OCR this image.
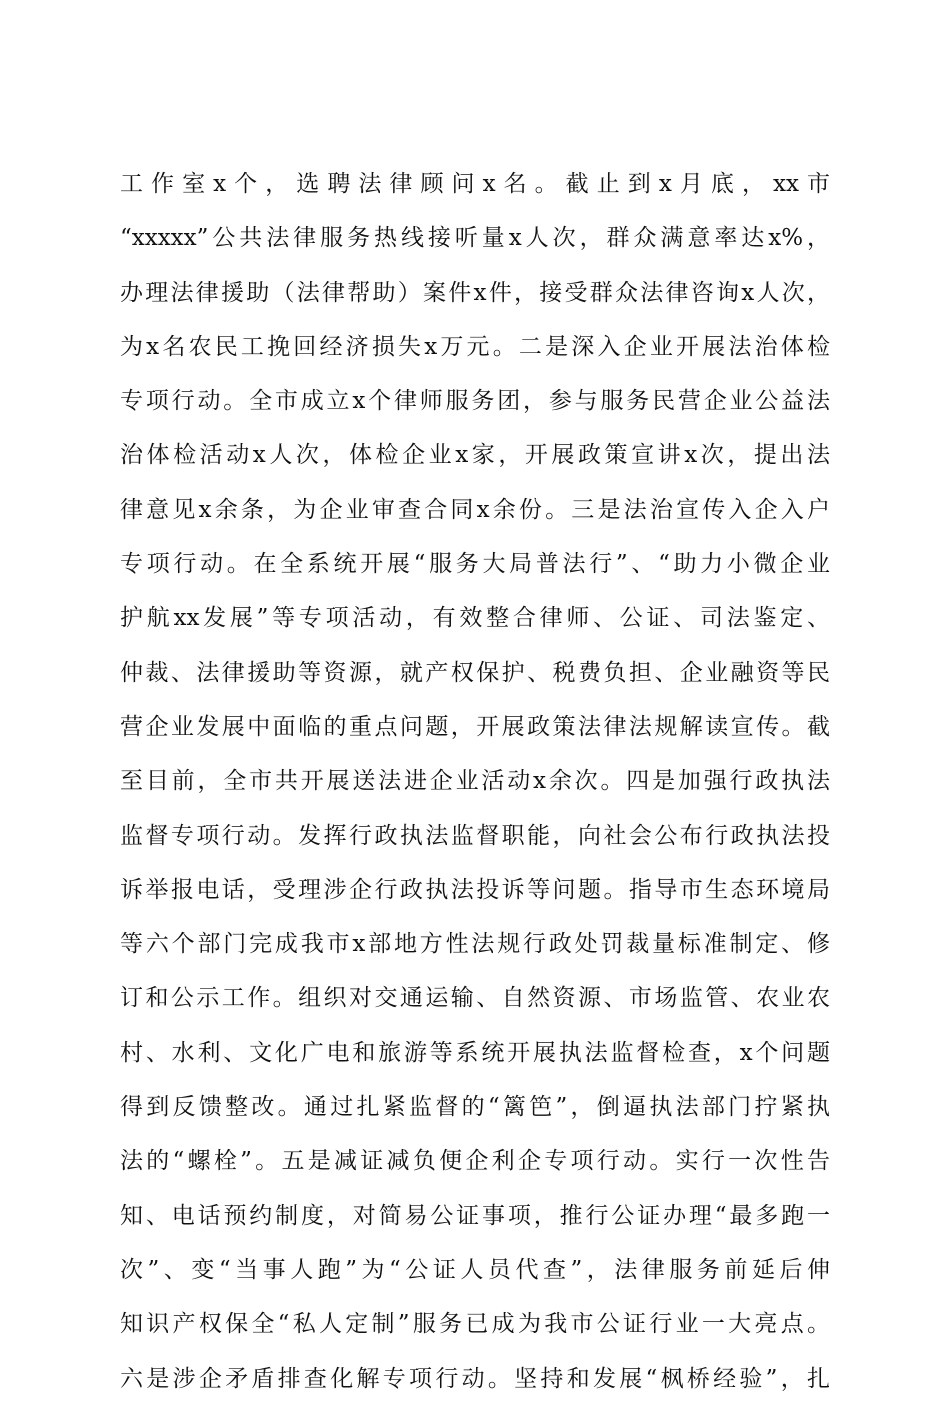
工作室x个，选聘法律顾问x名。截止到x月底，xx市
“xxxxx”公共法律服务热线接听量x人次，群众满意率达x%，
办理法律援助（法律帮助）案件x件，接受群众法律咨询x人次，
为x名农民工挽回经济损失x万元。二是深入企业开展法治体检
专项行动。全市成立x个律师服务团，参与服务民营企业公益法
治体检活动x人次，体检企业x家，开展政策宣讲x次，提出法
律意见x余条，为企业审查合同x余份。三是法治宣传入企入户
专项行动。在全系统开展“服务大局普法行”、“助力小微企业
护航xx发展”等专项活动，有效整合律师、公证、司法鉴定、
仲裁、法律援助等资源，就产权保护、税费负担、企业融资等民
营企业发展中面临的重点问题，开展政策法律法规解读宣传。截
至目前，全市共开展送法进企业活动x余次。四是加强行政执法
监督专项行动。发挥行政执法监督职能，向社会公布行政执法投
诉举报电话，受理涉企行政执法投诉等问题。指导市生态环境局
等六个部门完成我市x部地方性法规行政处罚裁量标准制定、修
订和公示工作。组织对交通运输、自然资源、市场监管、农业农
村、水利、文化广电和旅游等系统开展执法监督检查，x个问题
得到反馈整改。通过扎紧监督的“篱笆”，倒逼执法部门拧紧执
法的“螺栓”。五是减证减负便企利企专项行动。实行一次性告
知、电话预约制度，对简易公证事项，推行公证办理“最多跑一
次”、变“当事人跑”为“公证人员代查”，法律服务前延后伸
知识产权保全“私人定制”服务已成为我市公证行业一大亮点。
六是涉企矛盾排查化解专项行动。坚持和发展“枫桥经验”，扎
